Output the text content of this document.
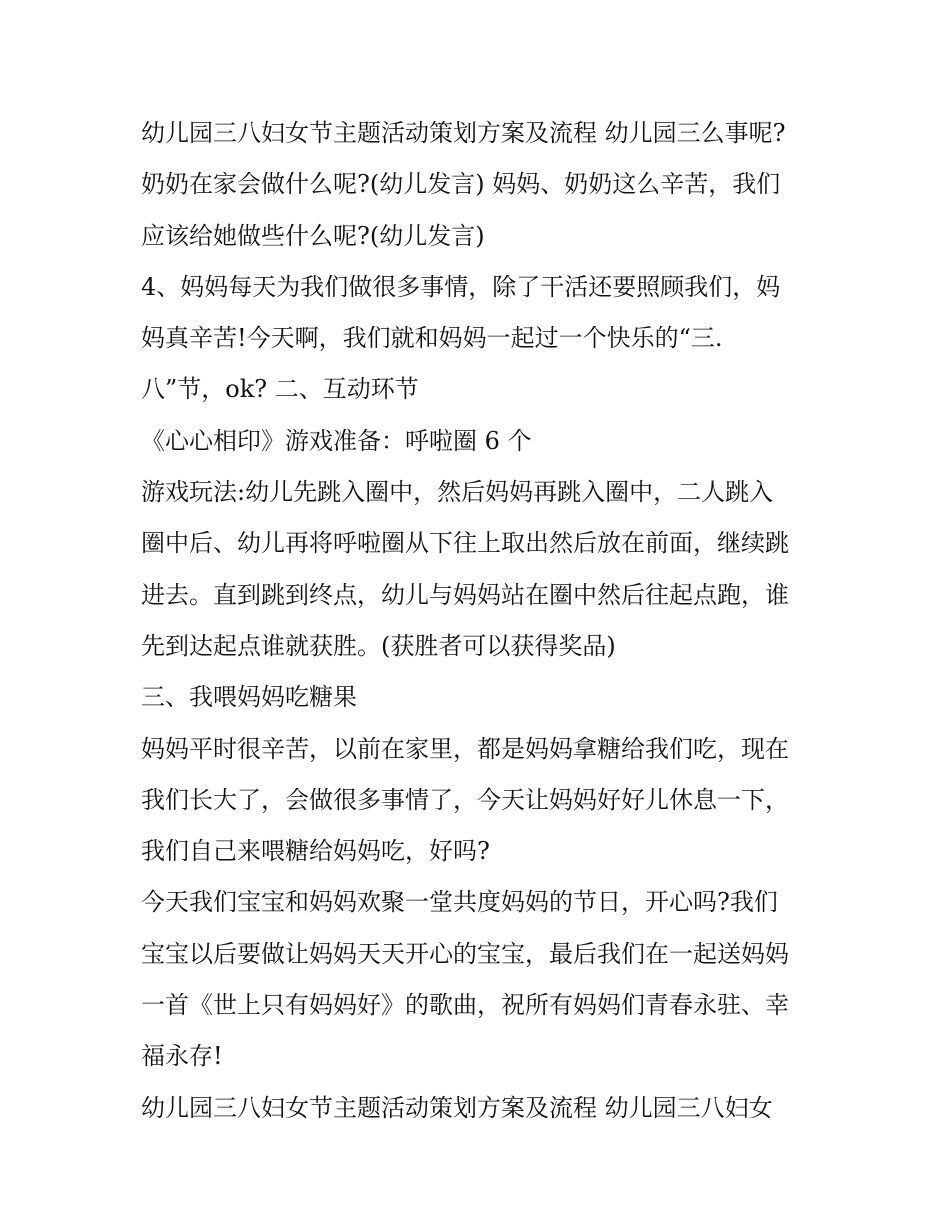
幼儿园三八妇女节主题活动策划方案及流程 幼儿园三么事呢?
奶奶在家会做什么呢?(幼儿发言) 妈妈、奶奶这么辛苦，我们
应该给她做些什么呢?(幼儿发言)
4、妈妈每天为我们做很多事情，除了干活还要照顾我们，妈
妈真辛苦!今天啊，我们就和妈妈一起过一个快乐的“三.
八”节，ok? 二、互动环节
《心心相印》游戏准备：呼啦圈 6 个
游戏玩法:幼儿先跳入圈中，然后妈妈再跳入圈中，二人跳入
圈中后、幼儿再将呼啦圈从下往上取出然后放在前面，继续跳
进去。直到跳到终点，幼儿与妈妈站在圈中然后往起点跑，谁
先到达起点谁就获胜。(获胜者可以获得奖品)
三、我喂妈妈吃糖果
妈妈平时很辛苦，以前在家里，都是妈妈拿糖给我们吃，现在
我们长大了，会做很多事情了，今天让妈妈好好儿休息一下，
我们自己来喂糖给妈妈吃，好吗?
今天我们宝宝和妈妈欢聚一堂共度妈妈的节日，开心吗?我们
宝宝以后要做让妈妈天天开心的宝宝，最后我们在一起送妈妈
一首《世上只有妈妈好》的歌曲，祝所有妈妈们青春永驻、幸
福永存!
幼儿园三八妇女节主题活动策划方案及流程 幼儿园三八妇女
